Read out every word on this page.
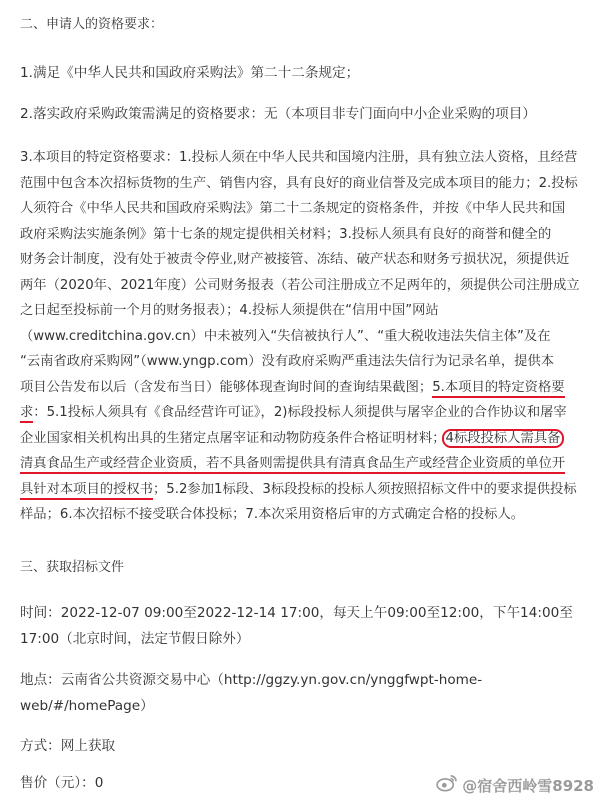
二、申请人的资格要求：

1.满足《中华人民共和国政府采购法》第二十二条规定；

2.落实政府采购政策需满足的资格要求：无（本项目非专门面向中小企业采购的项目）

3.本项目的特定资格要求：1.投标人须在中华人民共和国境内注册，具有独立法人资格，且经营
范围中包含本次招标货物的生产、销售内容，具有良好的商业信誉及完成本项目的能力；2.投标
人须符合《中华人民共和国政府采购法》第二十二条规定的资格条件，并按《中华人民共和国
政府采购法实施条例》第十七条的规定提供相关材料；3.投标人须具有良好的商誉和健全的
财务会计制度，没有处于被责令停业,财产被接管、冻结、破产状态和财务亏损状况，须提供近
两年（2020年、2021年度）公司财务报表（若公司注册成立不足两年的，须提供公司注册成立
之日起至投标前一个月的财务报表）；4.投标人须提供在“信用中国”网站
（www.creditchina.gov.cn）中未被列入“失信被执行人”、“重大税收违法失信主体”及在
“云南省政府采购网”（www.yngp.com）没有政府采购严重违法失信行为记录名单，提供本
项目公告发布以后（含发布当日）能够体现查询时间的查询结果截图；5.本项目的特定资格要
求：5.1投标人须具有《食品经营许可证》，2)标段投标人须提供与屠宰企业的合作协议和屠宰
企业国家相关机构出具的生猪定点屠宰证和动物防疫条件合格证明材料；4标段投标人需具备
清真食品生产或经营企业资质，若不具备则需提供具有清真食品生产或经营企业资质的单位开
具针对本项目的授权书；5.2参加1标段、3标段投标的投标人须按照招标文件中的要求提供投标
样品；6.本次招标不接受联合体投标；7.本次采用资格后审的方式确定合格的投标人。
三、获取招标文件
时间：2022-12-07 09:00至2022-12-14 17:00，每天上午09:00至12:00，下午14:00至
17:00（北京时间，法定节假日除外）
地点：云南省公共资源交易中心（http://ggzy.yn.gov.cn/ynggfwpt-home-
web/#/homePage）

方式：网上获取

售价（元）：0	@宿舍西岭雪8928
